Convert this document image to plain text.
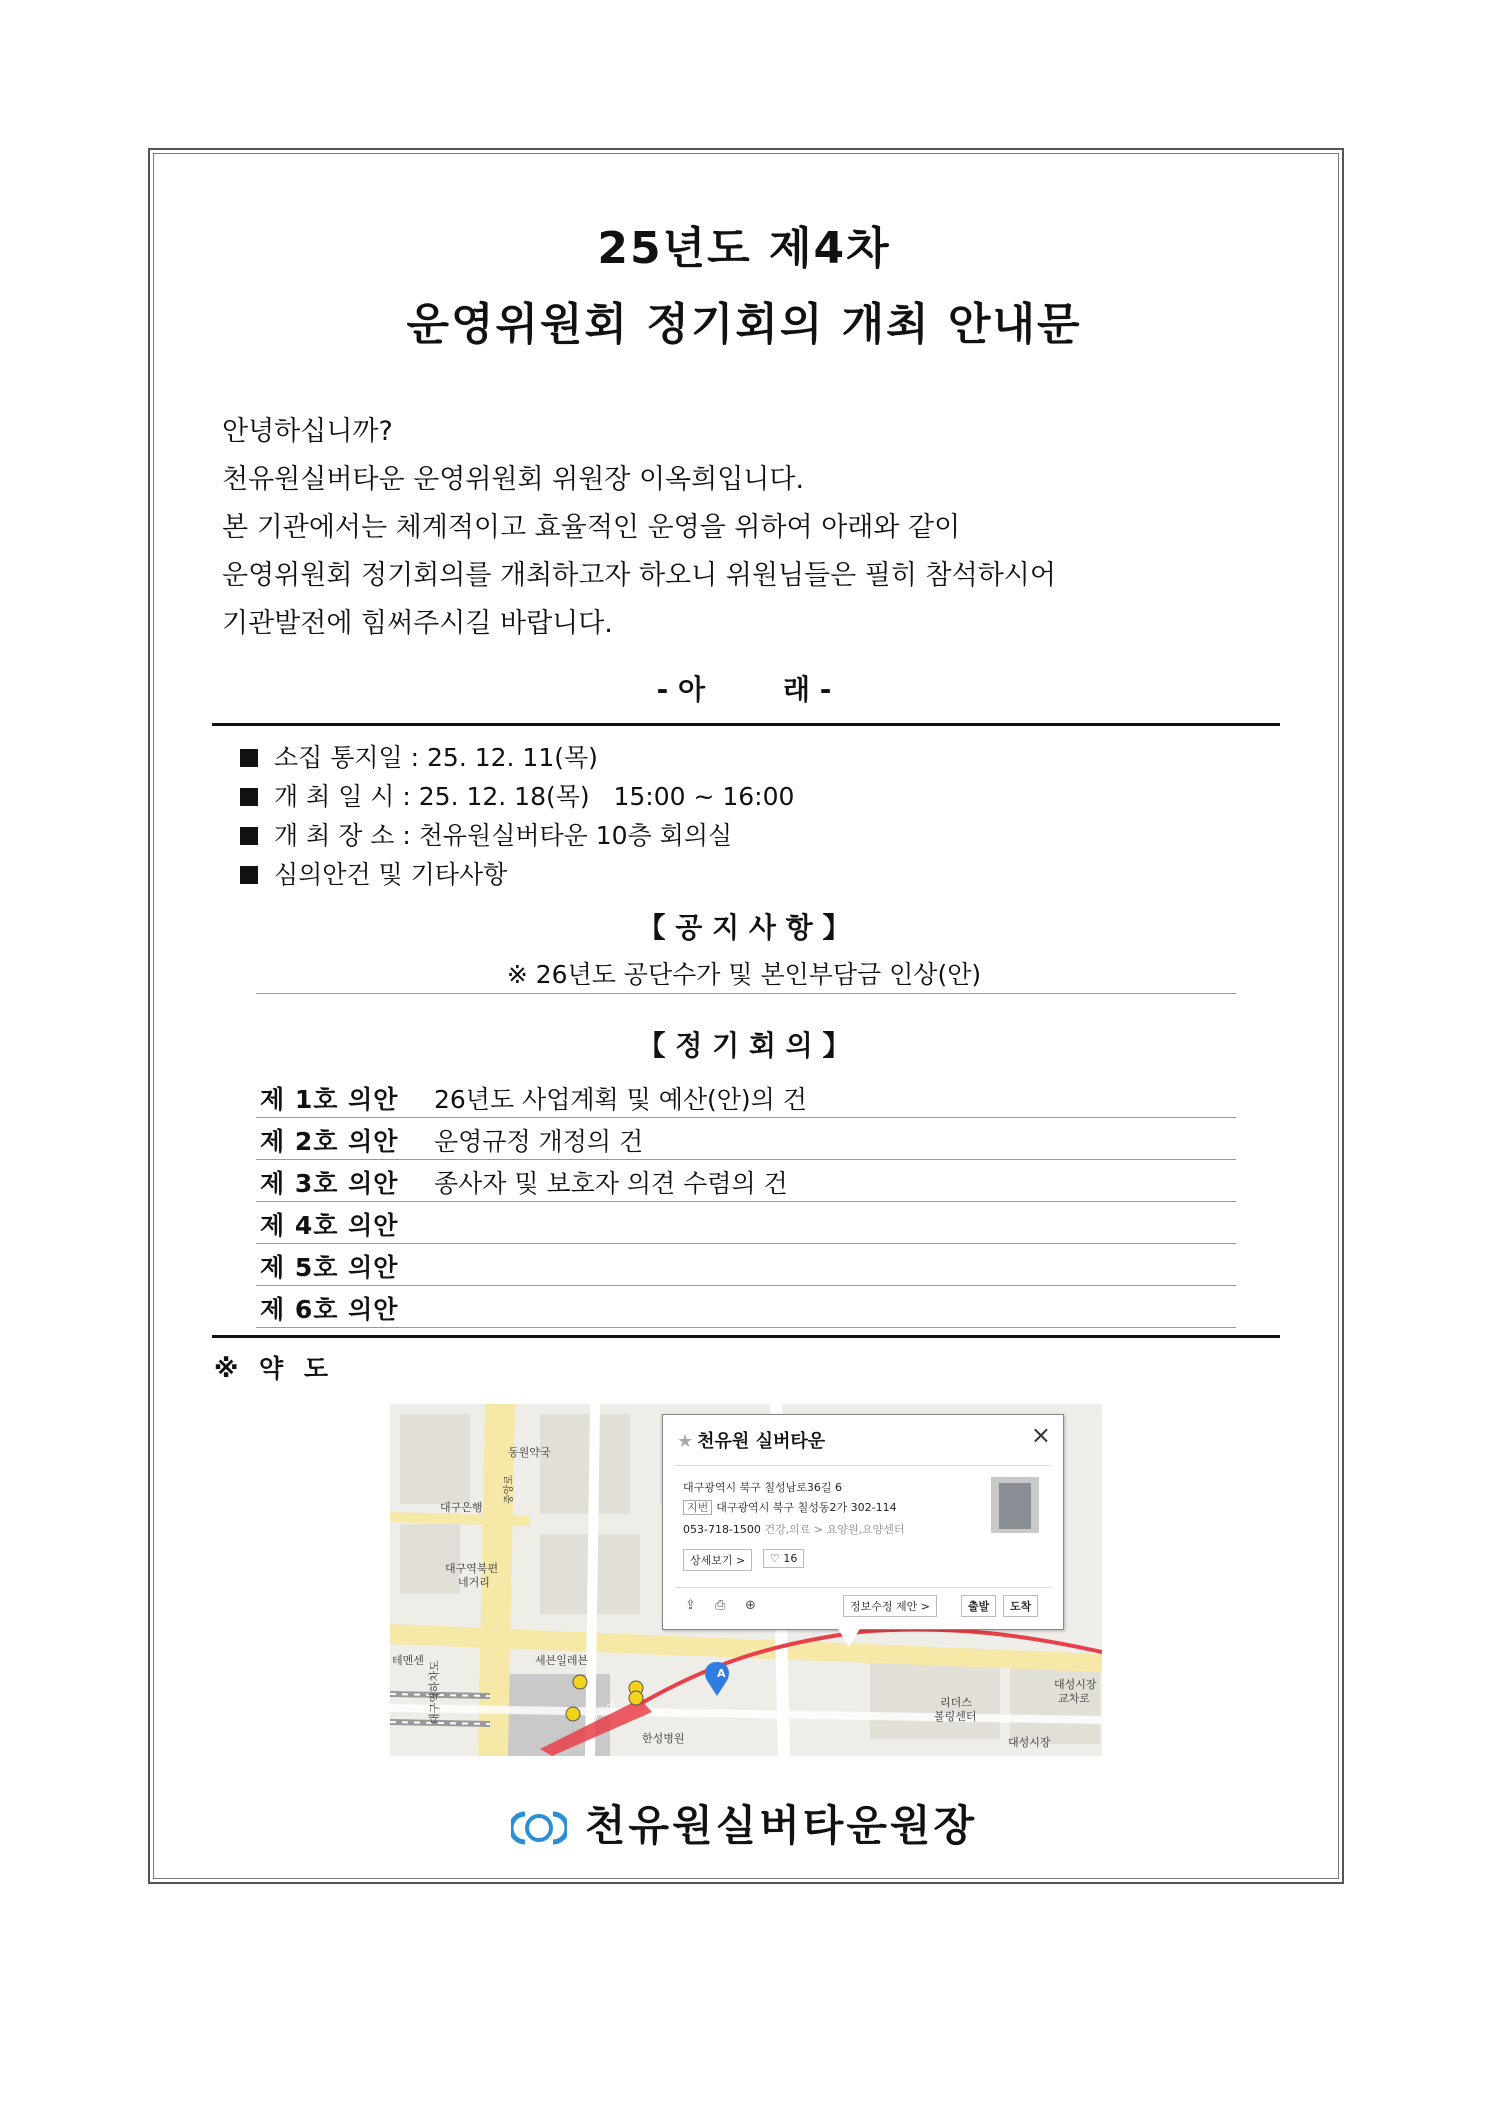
25년도 제4차
운영위원회 정기회의 개최 안내문
안녕하십니까?
천유원실버타운 운영위원회 위원장 이옥희입니다.
본 기관에서는 체계적이고 효율적인 운영을 위하여 아래와 같이
운영위원회 정기회의를 개최하고자 하오니 위원님들은 필히 참석하시어
기관발전에 힘써주시길 바랍니다.
- 아        래 -
소집 통지일 : 25. 12. 11(목)
개 최 일 시 : 25. 12. 18(목)   15:00 ~ 16:00
개 최 장 소 : 천유원실버타운 10층 회의실
심의안건 및 기타사항
【 공 지 사 항 】
※ 26년도 공단수가 및 본인부담금 인상(안)
【 정 기 회 의 】
제 1호 의안 26년도 사업계획 및 예산(안)의 건
제 2호 의안 운영규정 개정의 건
제 3호 의안 종사자 및 보호자 의견 수렴의 건
제 4호 의안
제 5호 의안
제 6호 의안
※ 약 도
A
동원약국
대구은행
대구역북편
네거리
테멘센	세븐일레븐
대구역
한성병원
리더스
볼링센터
대성시장
대성시장
교차로
대구역하차도
중앙로
★ 천유원 실버타운	×
대구광역시 북구 칠성남로36길 6
지번 대구광역시 북구 칠성동2가 302-114
053-718-1500 건강,의료 > 요양원,요양센터
상세보기 >	♡ 16
⇪ ⎙ ⊕	정보수정 제안 >	출발	도착
천유원실버타운원장
